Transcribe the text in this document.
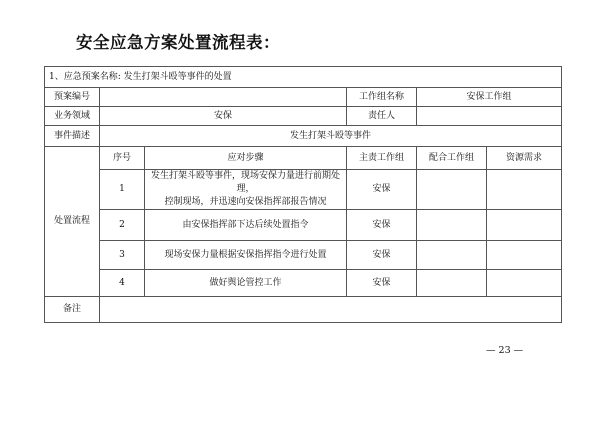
安全应急方案处置流程表：
1、应急预案名称: 发生打架斗殴等事件的处置					
预案编号			工作组名称	安保工作组	
业务领域	安保		责任人		
事件描述	发生打架斗殴等事件				
处置流程	序号	应对步骤	主责工作组	配合工作组	资源需求
	1	发生打架斗殴等事件，现场安保力量进行前期处理，
控制现场，并迅速向安保指挥部报告情况	安保		
	2	由安保指挥部下达后续处置指令	安保		
	3	现场安保力量根据安保指挥指令进行处置	安保		
	4	做好舆论管控工作	安保		
备注					
— 23 —
